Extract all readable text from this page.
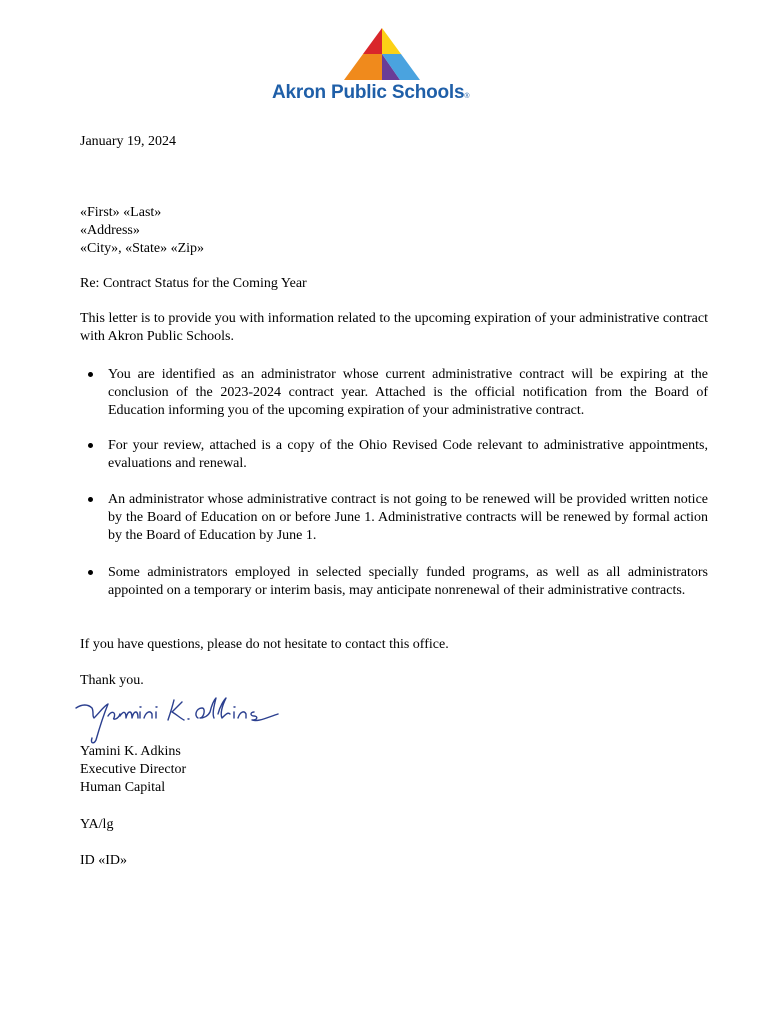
Akron Public Schools®
January 19, 2024
«First» «Last»
«Address»
«City», «State» «Zip»
Re: Contract Status for the Coming Year
This letter is to provide you with information related to the upcoming expiration of your administrative contract with Akron Public Schools.
You are identified as an administrator whose current administrative contract will be expiring at the conclusion of the 2023-2024 contract year. Attached is the official notification from the Board of Education informing you of the upcoming expiration of your administrative contract.
For your review, attached is a copy of the Ohio Revised Code relevant to administrative appointments, evaluations and renewal.
An administrator whose administrative contract is not going to be renewed will be provided written notice by the Board of Education on or before June 1. Administrative contracts will be renewed by formal action by the Board of Education by June 1.
Some administrators employed in selected specially funded programs, as well as all administrators appointed on a temporary or interim basis, may anticipate nonrenewal of their administrative contracts.
If you have questions, please do not hesitate to contact this office.
Thank you.
Yamini K. Adkins
Executive Director
Human Capital
YA/lg
ID «ID»
